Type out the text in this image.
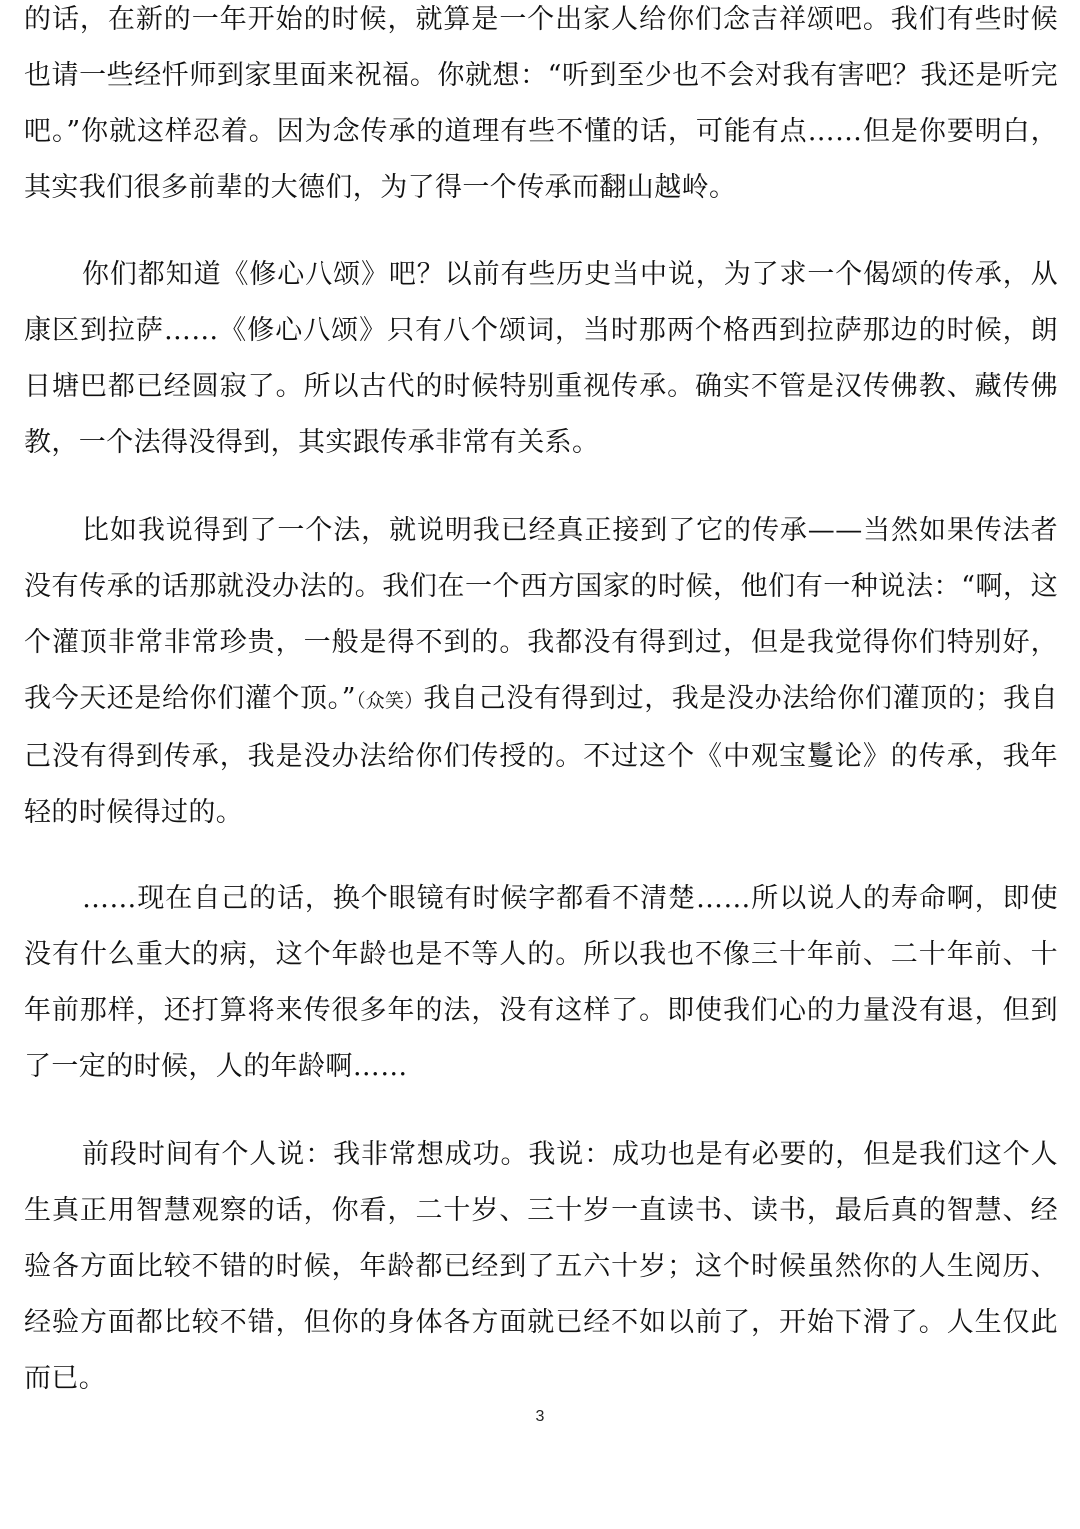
的话，在新的一年开始的时候，就算是一个出家人给你们念吉祥颂吧。我们有些时候也请一些经忏师到家里面来祝福。你就想：“听到至少也不会对我有害吧？我还是听完吧。”你就这样忍着。因为念传承的道理有些不懂的话，可能有点……但是你要明白，其实我们很多前辈的大德们，为了得一个传承而翻山越岭。

你们都知道《修心八颂》吧？以前有些历史当中说，为了求一个偈颂的传承，从康区到拉萨……《修心八颂》只有八个颂词，当时那两个格西到拉萨那边的时候，朗日塘巴都已经圆寂了。所以古代的时候特别重视传承。确实不管是汉传佛教、藏传佛教，一个法得没得到，其实跟传承非常有关系。

比如我说得到了一个法，就说明我已经真正接到了它的传承——当然如果传法者没有传承的话那就没办法的。我们在一个西方国家的时候，他们有一种说法：“啊，这个灌顶非常非常珍贵，一般是得不到的。我都没有得到过，但是我觉得你们特别好，我今天还是给你们灌个顶。”（众笑）我自己没有得到过，我是没办法给你们灌顶的；我自己没有得到传承，我是没办法给你们传授的。不过这个《中观宝鬘论》的传承，我年轻的时候得过的。

……现在自己的话，换个眼镜有时候字都看不清楚……所以说人的寿命啊，即使没有什么重大的病，这个年龄也是不等人的。所以我也不像三十年前、二十年前、十年前那样，还打算将来传很多年的法，没有这样了。即使我们心的力量没有退，但到了一定的时候，人的年龄啊……

前段时间有个人说：我非常想成功。我说：成功也是有必要的，但是我们这个人生真正用智慧观察的话，你看，二十岁、三十岁一直读书、读书，最后真的智慧、经验各方面比较不错的时候，年龄都已经到了五六十岁；这个时候虽然你的人生阅历、经验方面都比较不错，但你的身体各方面就已经不如以前了，开始下滑了。人生仅此而已。

3
